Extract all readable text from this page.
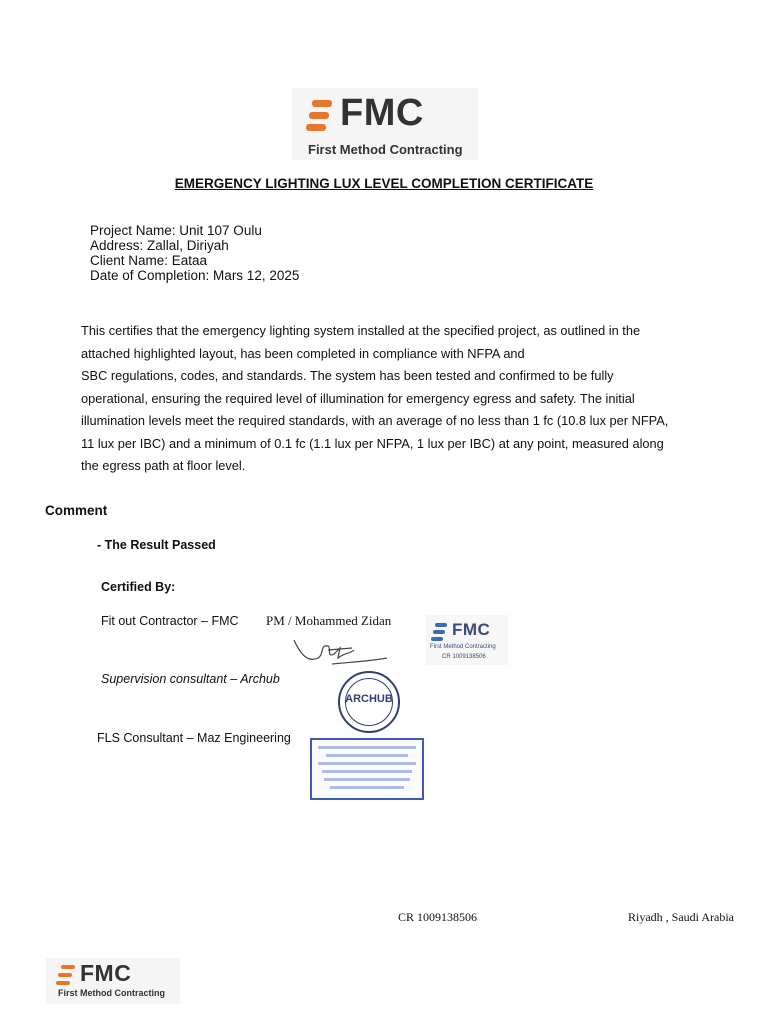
FMC
First Method Contracting
EMERGENCY LIGHTING LUX LEVEL COMPLETION CERTIFICATE
Project Name: Unit 107 Oulu
Address: Zallal, Diriyah
Client Name: Eataa
Date of Completion: Mars 12, 2025
This certifies that the emergency lighting system installed at the specified project, as outlined in the
attached highlighted layout, has been completed in compliance with NFPA and
SBC regulations, codes, and standards. The system has been tested and confirmed to be fully
operational, ensuring the required level of illumination for emergency egress and safety. The initial
illumination levels meet the required standards, with an average of no less than 1 fc (10.8 lux per NFPA,
11 lux per IBC) and a minimum of 0.1 fc (1.1 lux per NFPA, 1 lux per IBC) at any point, measured along
the egress path at floor level.
Comment
- The Result Passed
Certified By:
Fit out Contractor – FMC PM / Mohammed Zidan	FMC
First Method Contracting
CR 1009138506
Supervision consultant – Archub
ARCHUB
FLS Consultant – Maz Engineering
CR 1009138506	Riyadh , Saudi Arabia
FMC
First Method Contracting
